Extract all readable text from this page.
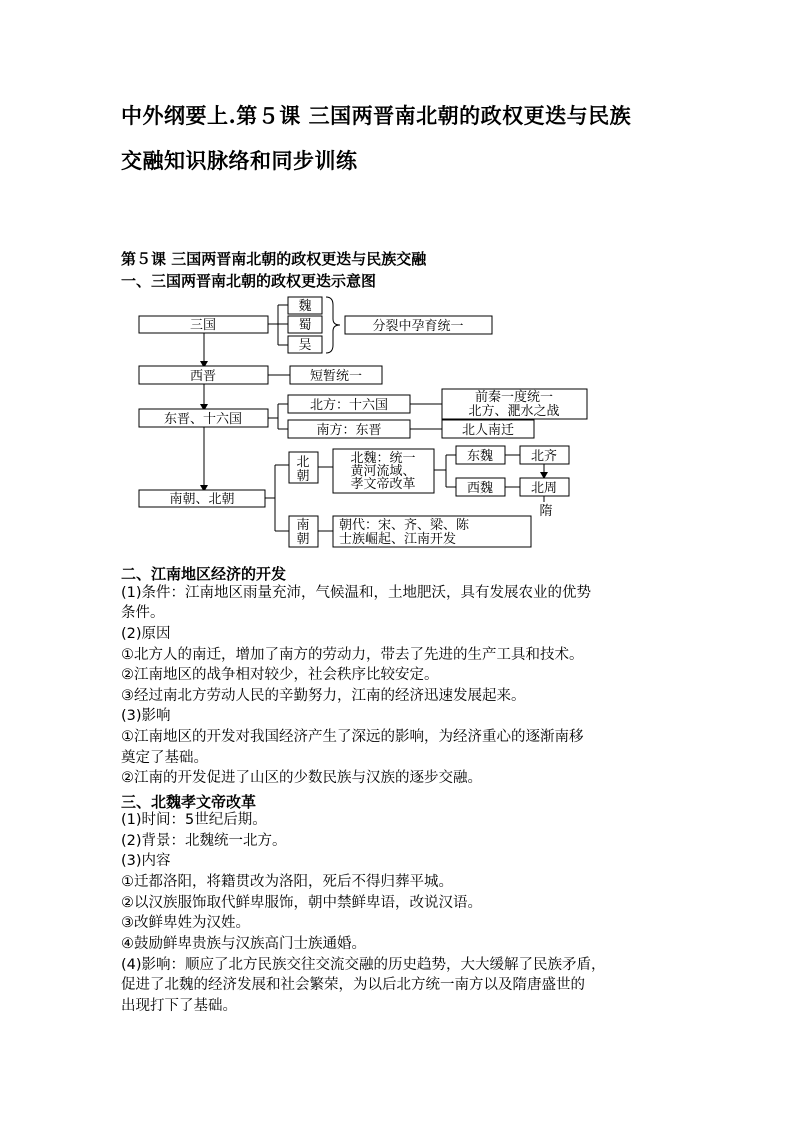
中外纲要上.第５课 三国两晋南北朝的政权更迭与民族
交融知识脉络和同步训练
第５课 三国两晋南北朝的政权更迭与民族交融
一、三国两晋南北朝的政权更迭示意图
三国
魏
蜀
吴
分裂中孕育统一
西晋	短暂统一
东晋、十六国
北方：十六国
前秦一度统一
北方、淝水之战
南方：东晋	北人南迁
南朝、北朝
北
朝
北魏：统一
黄河流域、
孝文帝改革
东魏	北齐
西魏	北周
隋
南
朝
朝代：宋、齐、梁、陈
士族崛起、江南开发
二、江南地区经济的开发
(1)条件：江南地区雨量充沛，气候温和，土地肥沃，具有发展农业的优势
条件。
(2)原因
①北方人的南迁，增加了南方的劳动力，带去了先进的生产工具和技术。
②江南地区的战争相对较少，社会秩序比较安定。
③经过南北方劳动人民的辛勤努力，江南的经济迅速发展起来。
(3)影响
①江南地区的开发对我国经济产生了深远的影响，为经济重心的逐渐南移
奠定了基础。
②江南的开发促进了山区的少数民族与汉族的逐步交融。
三、北魏孝文帝改革
(1)时间：5世纪后期。
(2)背景：北魏统一北方。
(3)内容
①迁都洛阳，将籍贯改为洛阳，死后不得归葬平城。
②以汉族服饰取代鲜卑服饰，朝中禁鲜卑语，改说汉语。
③改鲜卑姓为汉姓。
④鼓励鲜卑贵族与汉族高门士族通婚。
(4)影响：顺应了北方民族交往交流交融的历史趋势，大大缓解了民族矛盾，
促进了北魏的经济发展和社会繁荣，为以后北方统一南方以及隋唐盛世的
出现打下了基础。
